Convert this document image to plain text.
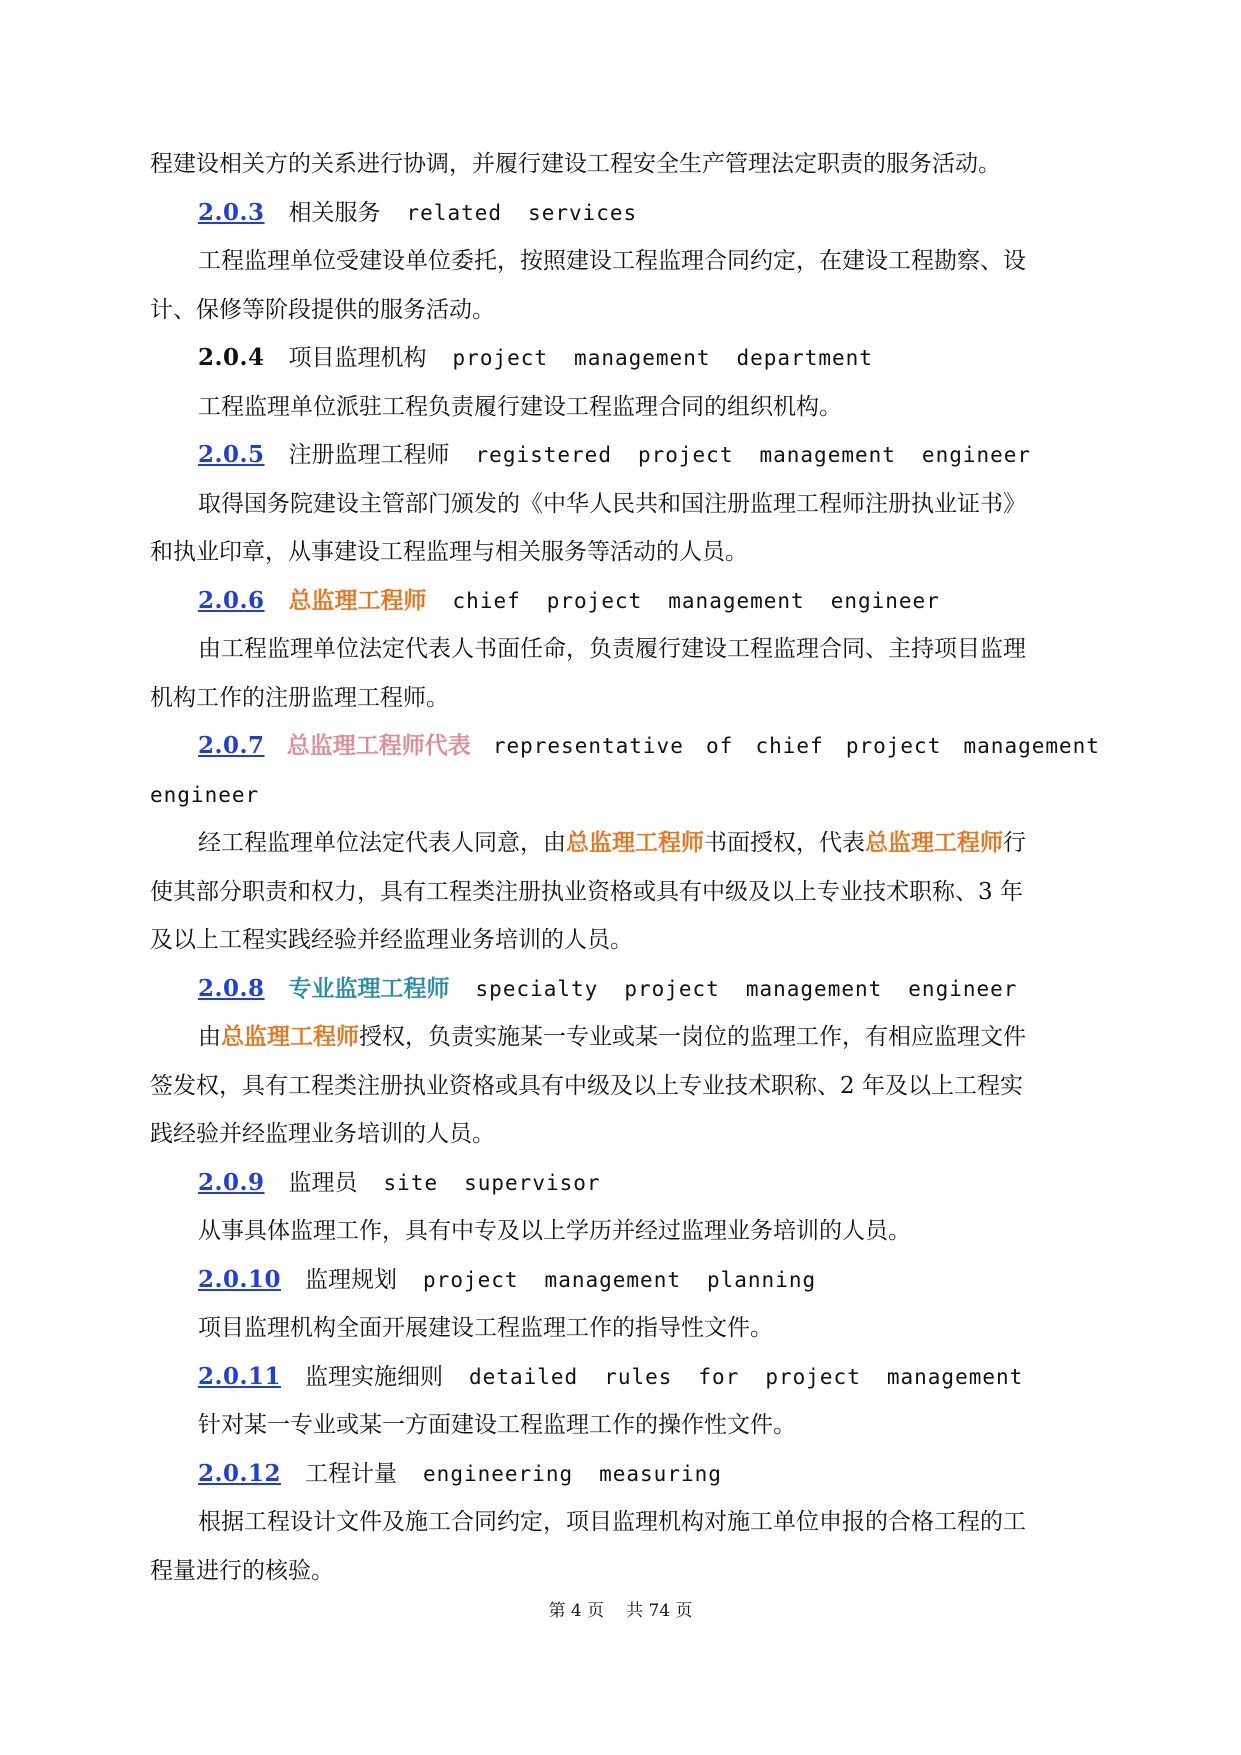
程建设相关方的关系进行协调，并履行建设工程安全生产管理法定职责的服务活动。
2.0.3 相关服务 related services
工程监理单位受建设单位委托，按照建设工程监理合同约定，在建设工程勘察、设
计、保修等阶段提供的服务活动。
2.0.4 项目监理机构 project management department
工程监理单位派驻工程负责履行建设工程监理合同的组织机构。
2.0.5 注册监理工程师 registered project management engineer
取得国务院建设主管部门颁发的《中华人民共和国注册监理工程师注册执业证书》
和执业印章，从事建设工程监理与相关服务等活动的人员。
2.0.6 总监理工程师 chief project management engineer
由工程监理单位法定代表人书面任命，负责履行建设工程监理合同、主持项目监理
机构工作的注册监理工程师。
2.0.7 总监理工程师代表 representative of chief project management
engineer
经工程监理单位法定代表人同意，由总监理工程师书面授权，代表总监理工程师行
使其部分职责和权力，具有工程类注册执业资格或具有中级及以上专业技术职称、3 年
及以上工程实践经验并经监理业务培训的人员。
2.0.8 专业监理工程师 specialty project management engineer
由总监理工程师授权，负责实施某一专业或某一岗位的监理工作，有相应监理文件
签发权，具有工程类注册执业资格或具有中级及以上专业技术职称、2 年及以上工程实
践经验并经监理业务培训的人员。
2.0.9 监理员 site supervisor
从事具体监理工作，具有中专及以上学历并经过监理业务培训的人员。
2.0.10 监理规划 project management planning
项目监理机构全面开展建设工程监理工作的指导性文件。
2.0.11 监理实施细则 detailed rules for project management
针对某一专业或某一方面建设工程监理工作的操作性文件。
2.0.12 工程计量 engineering measuring
根据工程设计文件及施工合同约定，项目监理机构对施工单位申报的合格工程的工
程量进行的核验。
第 4 页 共 74 页
